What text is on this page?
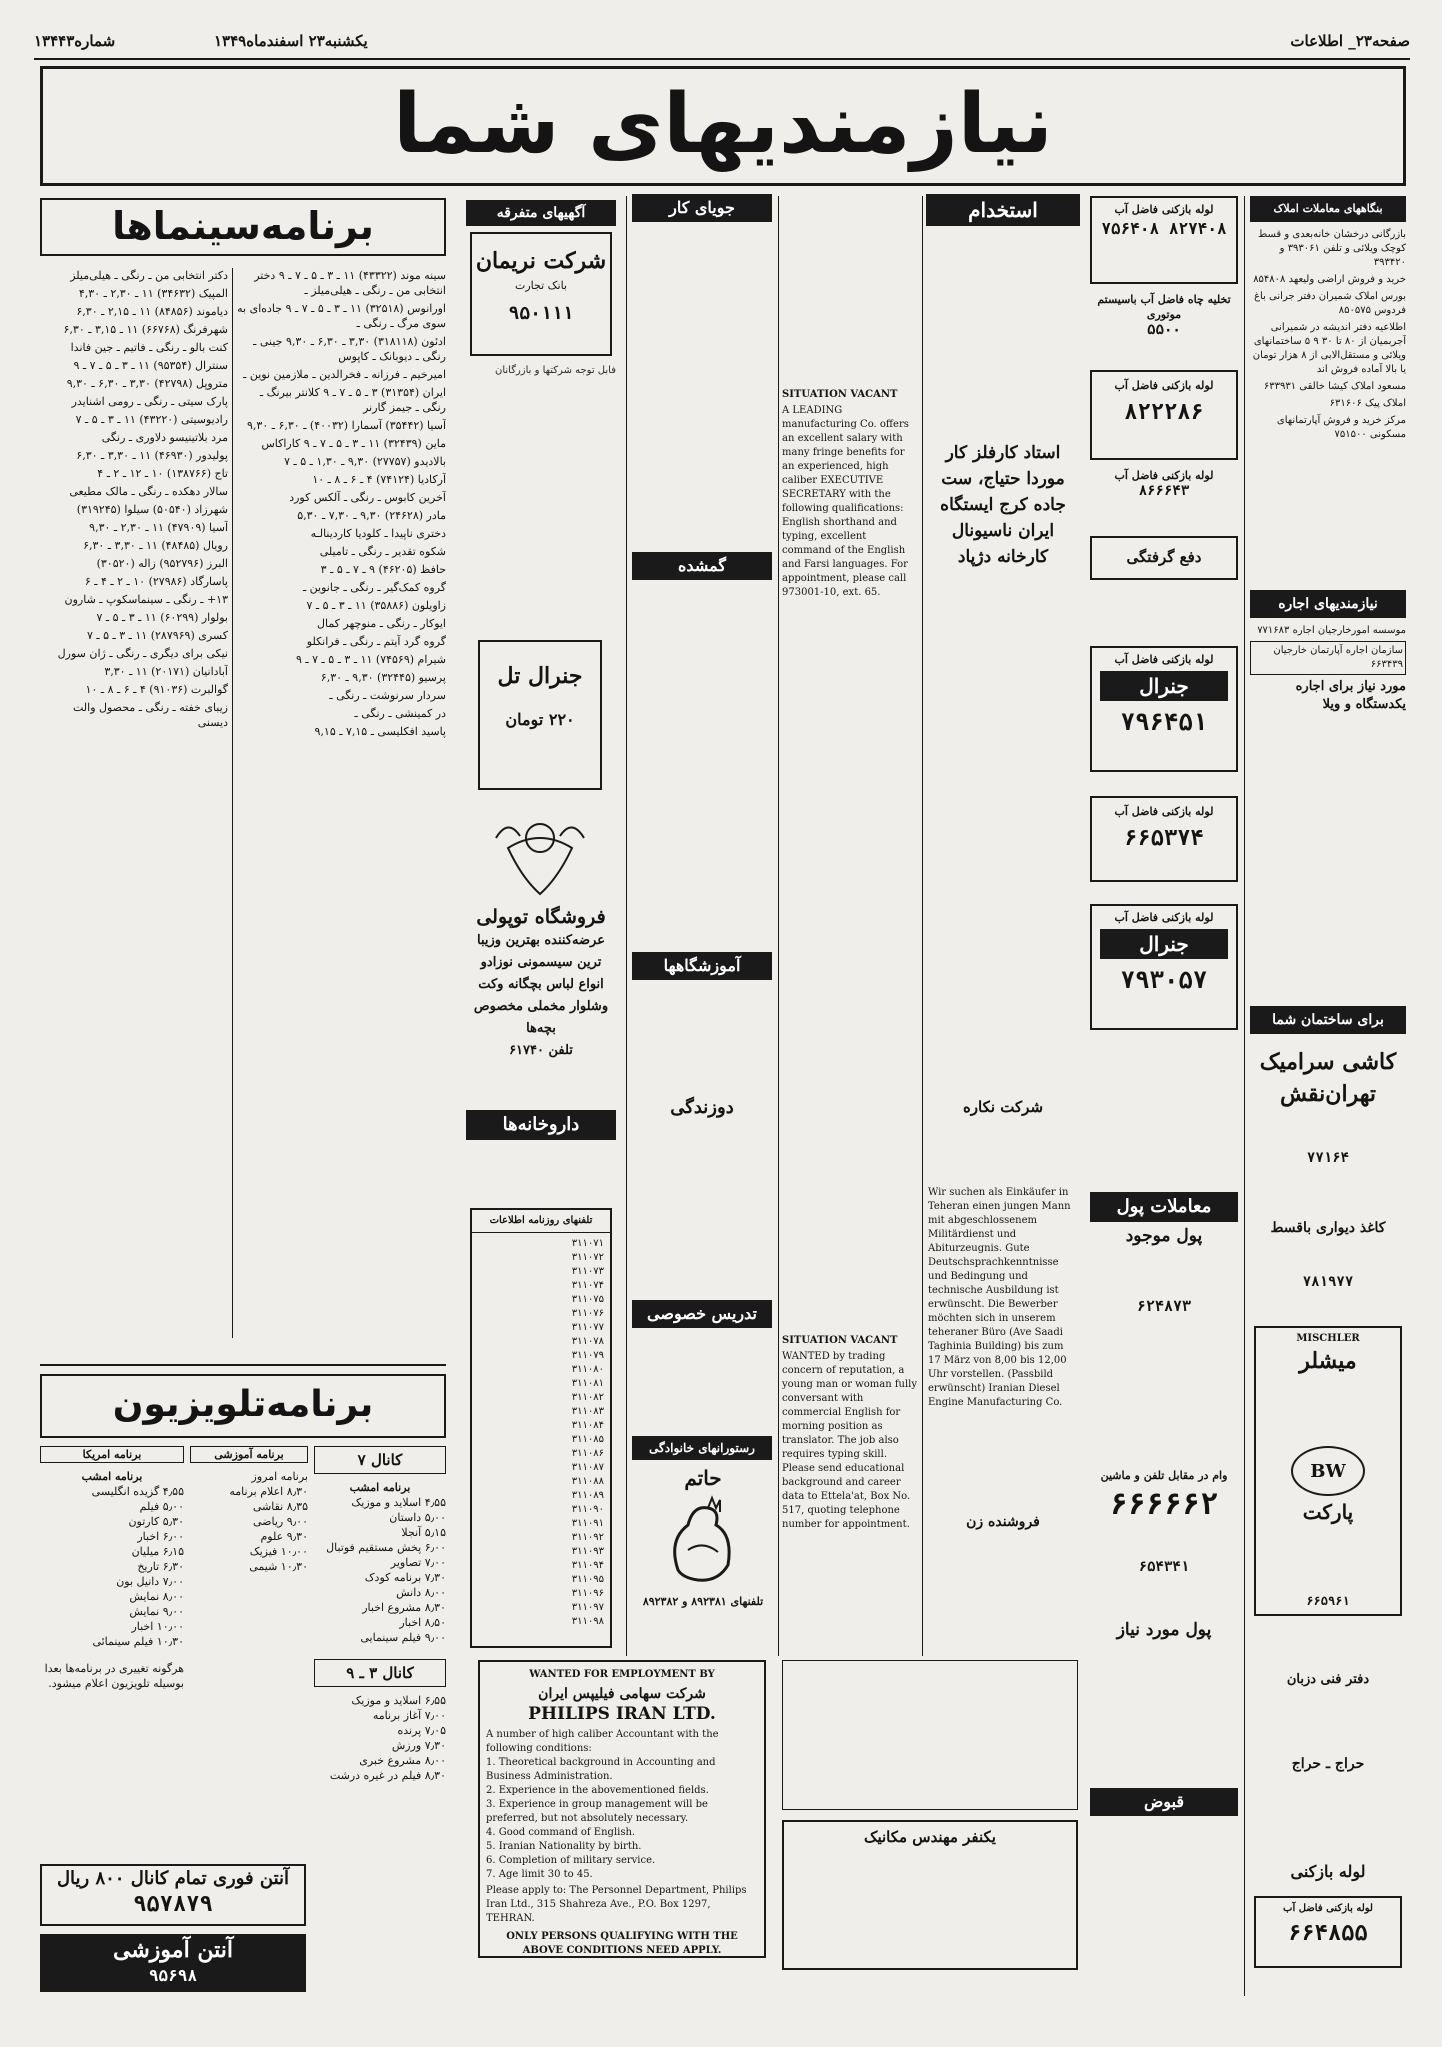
صفحه۲۳_ اطلاعات
یکشنبه۲۳ اسفندماه۱۳۴۹
شماره۱۳۴۴۳
نیازمندیهای شما
برنامه‌سینماها

سینه موند (۴۳۳۲۲) ۱۱ ـ ۳ ـ ۵ ـ ۷ ـ ۹ دختر انتخابی من ـ رنگی ـ هیلی‌میلز ـ

اورانوس (۳۲۵۱۸) ۱۱ ـ ۳ ـ ۵ ـ ۷ ـ ۹ جاده‌ای به سوی مرگ ـ رنگی ـ

ادئون (۳۱۸۱۱۸) ۳۰‚۳ ـ ۳۰‚۶ ـ ۳۰‚۹ جینی ـ رنگی ـ دیوبانک ـ کاپوس

امیرخیم ـ فرزانه ـ فخرالدین ـ ملازمین نوین ـ

ایران (۳۱۳۵۴) ۳ ـ ۵ ـ ۷ ـ ۹ کلانتر بیرنگ ـ رنگی ـ جیمز گارنر

آسیا (۳۵۴۴۲) آسمارا (۴۰۰۳۲) ـ ۳۰‚۶ ـ ۳۰‚۹

ماین (۳۲۴۳۹) ۱۱ ـ ۳ ـ ۵ ـ ۷ ـ ۹ کاراکاس

بالادیدو (۲۷۷۵۷) ۳۰‚۹ ـ ۳۰‚۱ ـ ۵ ـ ۷

آرکادیا (۷۴۱۲۴) ۴ ـ ۶ ـ ۸ ـ ۱۰

آخرین کابوس ـ رنگی ـ آلکس کورد

مادر (۲۴۶۲۸) ۳۰‚۹ ـ ۳۰‚۷ ـ ۳۰‚۵

دختری ناپیدا ـ کلودیا کاردینالـه

شکوه تقدیر ـ رنگی ـ تامیلی

حافظ (۴۶۲۰۵) ۹ ـ ۷ ـ ۵ ـ ۳

گروه کمک‌گیر ـ رنگی ـ جانوین ـ

زاویلون (۳۵۸۸۶) ۱۱ ـ ۳ ـ ۵ ـ ۷

ایوکار ـ رنگی ـ منوچهر کمال

گروه گرد آیتم ـ رنگی ـ فرانکلو

شیرام (۷۴۵۶۹) ۱۱ ـ ۳ ـ ۵ ـ ۷ ـ ۹

پرسیو (۳۲۴۴۵) ۳۰‚۹ ـ ۳۰‚۶

سردار سرنوشت ـ رنگی ـ

در کمینشی ـ رنگی ـ

پاسید افکلیسی ـ ۱۵‚۷ ـ ۱۵‚۹

دکتر انتخابی من ـ رنگی ـ هیلی‌میلز

المپیک (۳۴۶۳۲) ۱۱ ـ ۳۰‚۲ ـ ۳۰‚۴

دیاموند (۸۴۸۵۶) ۱۱ ـ ۱۵‚۲ ـ ۳۰‚۶

شهرفرنگ (۶۶۷۶۸) ۱۱ ـ ۱۵‚۳ ـ ۳۰‚۶

کنت بالو ـ رنگی ـ فاتیم ـ جین فاندا

سنترال (۹۵۳۵۴) ۱۱ ـ ۳ ـ ۵ ـ ۷ ـ ۹

متروپل (۴۲۷۹۸) ۳۰‚۳ ـ ۳۰‚۶ ـ ۳۰‚۹

پارک سیتی ـ رنگی ـ رومی اشنایدر

رادیوسیتی (۴۳۲۲۰) ۱۱ ـ ۳ ـ ۵ ـ ۷

مرد بلاتینیسو دلاوری ـ رنگی

پولیدور (۴۶۹۳۰) ۱۱ ـ ۳۰‚۳ ـ ۳۰‚۶

تاج (۱۳۸۷۶۶) ۱۰ ـ ۱۲ ـ ۲ ـ ۴

سالار دهکده ـ رنگی ـ مالک مطیعی

شهرزاد (۵۰۵۴۰) سیلوا (۳۱۹۲۴۵)

آسیا (۴۷۹۰۹) ۱۱ ـ ۳۰‚۲ ـ ۳۰‚۹

رویال (۴۸۴۸۵) ۱۱ ـ ۳۰‚۳ ـ ۳۰‚۶

البرز (۹۵۲۷۹۶) زاله (۳۰۵۲۰)

پاسارگاد (۲۷۹۸۶) ۱۰ ـ ۲ ـ ۴ ـ ۶

۱۳+ ـ رنگی ـ سینماسکوپ ـ شارون

بولوار (۶۰۲۹۹) ۱۱ ـ ۳ ـ ۵ ـ ۷

کسری (۲۸۷۹۶۹) ۱۱ ـ ۳ ـ ۵ ـ ۷

نیکی برای دیگری ـ رنگی ـ ژان سورل

آبادانیان (۲۰۱۷۱) ۱۱ ـ ۳۰‚۳

گوالبرت (۹۱۰۳۶) ۴ ـ ۶ ـ ۸ ـ ۱۰

زیبای خفته ـ رنگی ـ محصول والت دیسنی

برنامه‌تلویزیون
برنامه امریکا
برنامه امشب
۴٫۵۵ گزیده انگلیسی
۵٫۰۰ فیلم
۵٫۳۰ کارتون
۶٫۰۰ اخبار
۶٫۱۵ میلیان
۶٫۳۰ تاریخ
۷٫۰۰ دانیل بون
۸٫۰۰ نمایش
۹٫۰۰ نمایش
۱۰٫۰۰ اخبار
۱۰٫۳۰ فیلم سینمائی
هرگونه تغییری در برنامه‌ها بعدا بوسیله تلویزیون اعلام میشود.
برنامه آموزشی
برنامه امروز
۸٫۳۰ اعلام برنامه
۸٫۳۵ نقاشی
۹٫۰۰ ریاضی
۹٫۳۰ علوم
۱۰٫۰۰ فیزیک
۱۰٫۳۰ شیمی
کانال ۷
برنامه امشب
۴٫۵۵ اسلاید و موزیک
۵٫۰۰ داستان
۵٫۱۵ آنجلا
۶٫۰۰ پخش مستقیم فوتبال
۷٫۰۰ تصاویر
۷٫۳۰ برنامه کودک
۸٫۰۰ دانش
۸٫۳۰ مشروع اخبار
۸٫۵۰ اخبار
۹٫۰۰ فیلم سینمایی
کانال ۳ ـ ۹
۶٫۵۵ اسلاید و موزیک
۷٫۰۰ آغاز برنامه
۷٫۰۵ پرنده
۷٫۳۰ ورزش
۸٫۰۰ مشروع خبری
۸٫۳۰ فیلم در غیره درشت
آنتن فوری تمام کانال ۸۰۰ ریال
۹۵۷۸۷۹
آنتن آموزشی
۹۵۶۹۸
آگهیهای متفرقه
شرکت نریمان
بانک تجارت
۹۵۰۱۱۱

فابل توجه شرکتها و بازرگانان

جنرال تل
۲۲۰ تومان
فروشگاه توپولی
عرضه‌کننده بهترین وزیبا ترین سیسمونی نوزادو انواع لباس بچگانه وکت وشلوار مخملی مخصوص بچه‌ها
تلفن ۶۱۷۴۰
داروخانه‌ها
تلفنهای روزنامه اطلاعات
۳۱۱۰۷۱
۳۱۱۰۷۲
۳۱۱۰۷۳
۳۱۱۰۷۴
۳۱۱۰۷۵
۳۱۱۰۷۶
۳۱۱۰۷۷
۳۱۱۰۷۸
۳۱۱۰۷۹
۳۱۱۰۸۰
۳۱۱۰۸۱
۳۱۱۰۸۲
۳۱۱۰۸۳
۳۱۱۰۸۴
۳۱۱۰۸۵
۳۱۱۰۸۶
۳۱۱۰۸۷
۳۱۱۰۸۸
۳۱۱۰۸۹
۳۱۱۰۹۰
۳۱۱۰۹۱
۳۱۱۰۹۲
۳۱۱۰۹۳
۳۱۱۰۹۴
۳۱۱۰۹۵
۳۱۱۰۹۶
۳۱۱۰۹۷
۳۱۱۰۹۸
جویای کار
گمشده
آموزشگاهها
دوزندگی
تدریس خصوصی
رستورانهای خانوادگی
حاتم
تلفنهای ۸۹۲۳۸۱ و ۸۹۲۳۸۲
SITUATION VACANT
A LEADING manufacturing Co. offers an excellent salary with many fringe benefits for an experienced, high caliber EXECUTIVE SECRETARY with the following qualifications: English shorthand and typing, excellent command of the English and Farsi languages. For appointment, please call 973001-10, ext. 65.
SITUATION VACANT
WANTED by trading concern of reputation, a young man or woman fully conversant with commercial English for morning position as translator. The job also requires typing skill. Please send educational background and career data to Ettela'at, Box No. 517, quoting telephone number for appointment.
استخدام
استاد کارفلز کار موردا حتیاج، ست جاده کرج ایستگاه ایران ناسیونال کارخانه دژپاد
شرکت نکاره
Wir suchen als Einkäufer in Teheran einen jungen Mann mit abgeschlossenem Militärdienst und Abiturzeugnis. Gute Deutschsprachkenntnisse und Bedingung und technische Ausbildung ist erwünscht. Die Bewerber möchten sich in unserem teheraner Büro (Ave Saadi Taghinia Building) bis zum 17 März von 8,00 bis 12,00 Uhr vorstellen. (Passbild erwünscht) Iranian Diesel Engine Manufacturing Co.
فروشنده زن
WANTED FOR EMPLOYMENT BY
شرکت سهامی فیلیپس ایران
PHILIPS IRAN LTD.
A number of high caliber Accountant with the following conditions:
1. Theoretical background in Accounting and Business Administration.
2. Experience in the abovementioned fields.
3. Experience in group management will be preferred, but not absolutely necessary.
4. Good command of English.
5. Iranian Nationality by birth.
6. Completion of military service.
7. Age limit 30 to 45.
Please apply to: The Personnel Department, Philips Iran Ltd., 315 Shahreza Ave., P.O. Box 1297, TEHRAN.
ONLY PERSONS QUALIFYING WITH THE ABOVE CONDITIONS NEED APPLY.
یکنفر مهندس مکانیک
لوله بازکنی فاضل آب
۸۲۷۴۰۸ ۷۵۶۴۰۸
تخلیه چاه فاضل آب باسیستم موتوری
۵۵۰۰
لوله بازکنی فاضل آب
۸۲۲۲۸۶
لوله بازکنی فاضل آب
۸۶۶۶۴۳
دفع گرفتگی
لوله بازکنی فاضل آب
جنرال
۷۹۶۴۵۱
لوله بازکنی فاضل آب
۶۶۵۳۷۴
لوله بازکنی فاضل آب
جنرال
۷۹۳۰۵۷
معاملات پول
پول موجود
۶۲۴۸۷۳
وام در مقابل تلفن و ماشین
۶۶۶۶۶۲
۶۵۴۳۴۱
پول مورد نیاز
قبوض
بنگاههای معاملات املاک

بازرگانی درخشان خانه‌بعدی و قسط کوچک ویلائی و تلفن ۳۹۳۰۶۱ و ۳۹۳۴۲۰

خرید و فروش اراضی ولیعهد ۸۵۴۸۰۸

بورس املاک شمیران دفتر جرانی باغ فردوس ۸۵۰۵۷۵

اطلاعیه دفتر اندیشه در شمیرانی آجربمیان از ۸۰ تا ۳۰ ۹ ۵ ساختمانهای ویلائی و مستقل‌الابی از ۸ هزار تومان یا بالا آماده فروش اند

مسعود املاک کیشا خالقی ۶۳۳۹۳۱

املاک پیک ۶۳۱۶۰۶

مرکز خرید و فروش آپارتمانهای مسکونی ۷۵۱۵۰۰

نیازمندیهای اجاره

موسسه امورخارجیان اجاره ۷۷۱۶۸۳

سازمان اجاره آپارتمان خارجیان ۶۶۳۴۳۹

مورد نیاز برای اجاره یکدستگاه و ویلا

برای ساختمان شما
کاشی سرامیک تهران‌نقش
۷۷۱۶۴
کاغذ دیواری باقسط
۷۸۱۹۷۷
MISCHLER
میشلر
BW
پارکت
۶۶۵۹۶۱
دفتر فنی دزبان
حراج ـ حراج
لوله بازکنی
لوله بازکنی فاضل آب
۶۶۴۸۵۵
